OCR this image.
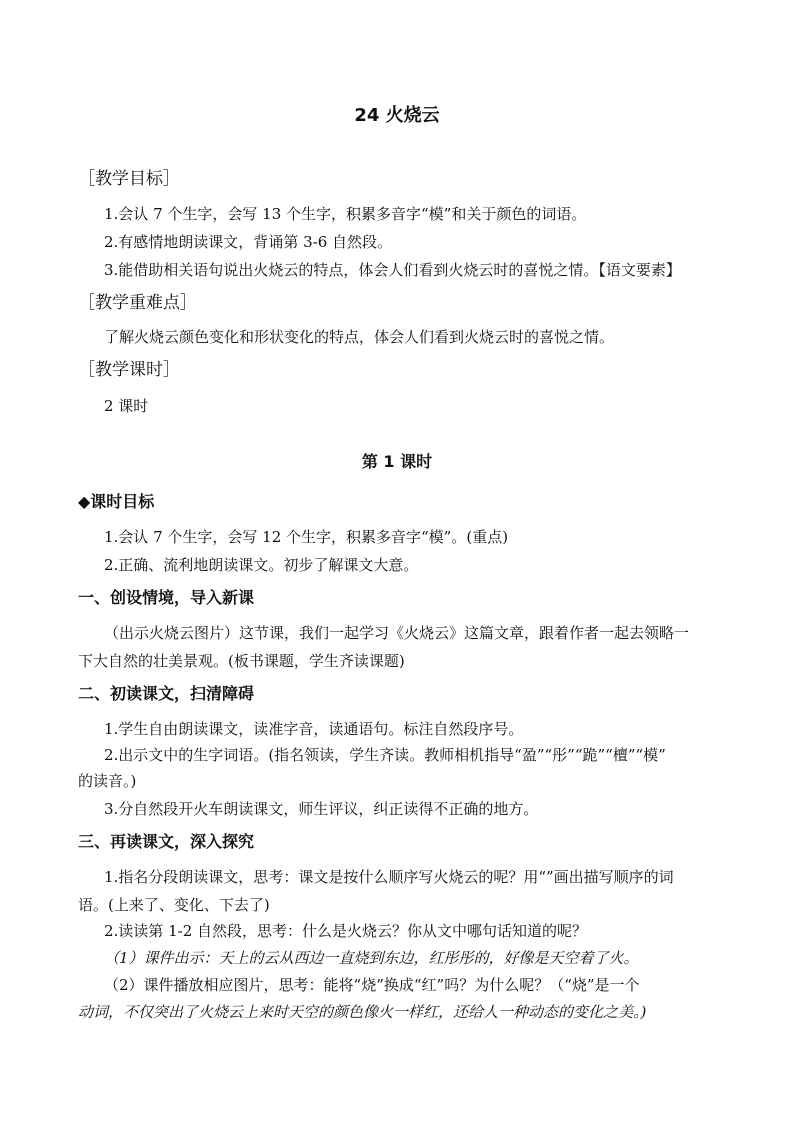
24 火烧云
［教学目标］
1.会认 7 个生字，会写 13 个生字，积累多音字“模”和关于颜色的词语。
2.有感情地朗读课文，背诵第 3-6 自然段。
3.能借助相关语句说出火烧云的特点，体会人们看到火烧云时的喜悦之情。【语文要素】
［教学重难点］
了解火烧云颜色变化和形状变化的特点，体会人们看到火烧云时的喜悦之情。
［教学课时］
2 课时
第 1 课时
◆课时目标
1.会认 7 个生字，会写 12 个生字，积累多音字“模”。(重点)
2.正确、流利地朗读课文。初步了解课文大意。
一、创设情境，导入新课
（出示火烧云图片）这节课，我们一起学习《火烧云》这篇文章，跟着作者一起去领略一
下大自然的壮美景观。(板书课题，学生齐读课题)
二、初读课文，扫清障碍
1.学生自由朗读课文，读准字音，读通语句。标注自然段序号。
2.出示文中的生字词语。(指名领读，学生齐读。教师相机指导“盈”“彤”“跪”“檀”“模”
的读音。)
3.分自然段开火车朗读课文，师生评议，纠正读得不正确的地方。
三、再读课文，深入探究
1.指名分段朗读课文，思考：课文是按什么顺序写火烧云的呢？用“”画出描写顺序的词
语。(上来了、变化、下去了)
2.读读第 1-2 自然段，思考：什么是火烧云？你从文中哪句话知道的呢？
（1）课件出示：天上的云从西边一直烧到东边，红彤彤的，好像是天空着了火。
（2）课件播放相应图片，思考：能将“烧”换成“红”吗？为什么呢？（“烧”是一个
动词，不仅突出了火烧云上来时天空的颜色像火一样红，还给人一种动态的变化之美。)
